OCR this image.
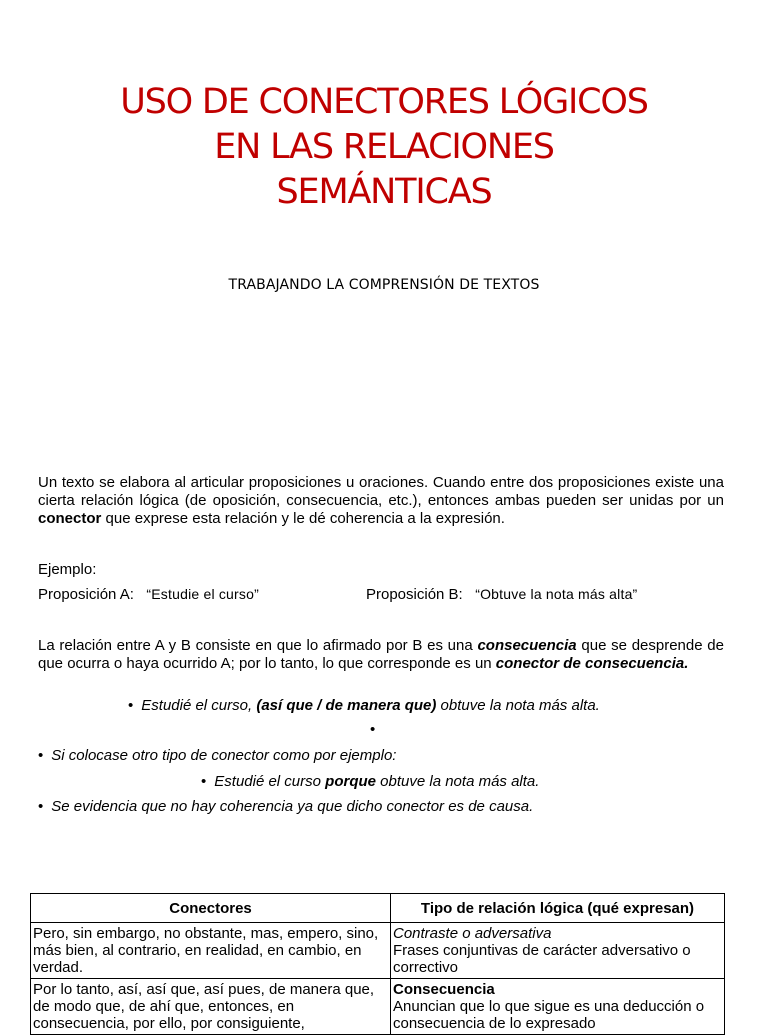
USO DE CONECTORES LÓGICOS
EN LAS RELACIONES
SEMÁNTICAS
TRABAJANDO LA COMPRENSIÓN DE TEXTOS

Un texto se elabora al articular proposiciones u oraciones. Cuando entre dos proposiciones existe una cierta relación lógica (de oposición, consecuencia, etc.), entonces ambas pueden ser unidas por un conector que exprese esta relación y le dé coherencia a la expresión.

Ejemplo:
Proposición A: “Estudie el curso”	Proposición B: “Obtuve la nota más alta”

La relación entre A y B consiste en que lo afirmado por B es una consecuencia que se desprende de que ocurra o haya ocurrido A; por lo tanto, lo que corresponde es un conector de consecuencia.

• Estudié el curso, (así que / de manera que) obtuve la nota más alta.
•
• Si colocase otro tipo de conector como por ejemplo:
• Estudié el curso porque obtuve la nota más alta.
• Se evidencia que no hay coherencia ya que dicho conector es de causa.
Conectores	Tipo de relación lógica (qué expresan)
Pero, sin embargo, no obstante, mas, empero, sino, más bien, al contrario, en realidad, en cambio, en verdad.	Contraste o adversativa
Frases conjuntivas de carácter adversativo o correctivo
Por lo tanto, así, así que, así pues, de manera que, de modo que, de ahí que, entonces, en consecuencia, por ello, por consiguiente,	Consecuencia
Anuncian que lo que sigue es una deducción o consecuencia de lo expresado
